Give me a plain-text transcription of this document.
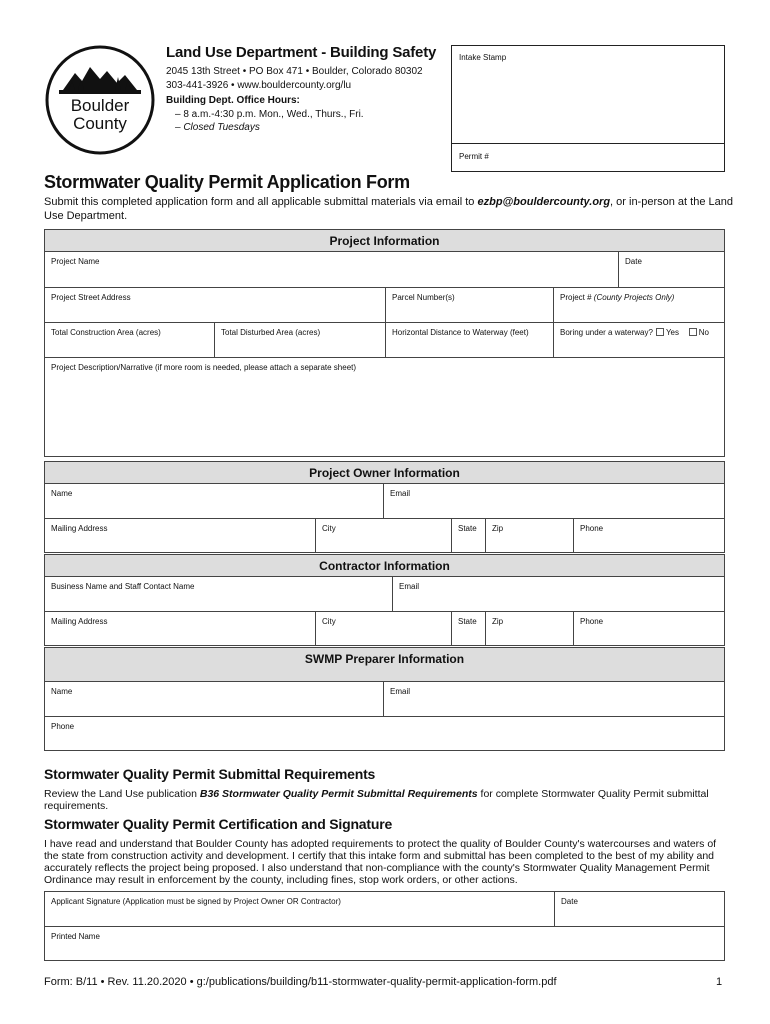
Boulder
County
Land Use Department - Building Safety
2045 13th Street • PO Box 471 • Boulder, Colorado 80302
303-441-3926 • www.bouldercounty.org/lu
Building Dept. Office Hours:
– 8 a.m.-4:30 p.m. Mon., Wed., Thurs., Fri.
– Closed Tuesdays
Intake Stamp
Permit #
Stormwater Quality Permit Application Form
Submit this completed application form and all applicable submittal materials via email to ezbp@bouldercounty.org, or in-person at the Land Use Department.
Project Information
Project Name	Date
Project Street Address	Parcel Number(s)	Project # (County Projects Only)
Total Construction Area (acres)	Total Disturbed Area (acres)	Horizontal Distance to Waterway (feet)	Boring under a waterway? Yes No
Project Description/Narrative (if more room is needed, please attach a separate sheet)
Project Owner Information
Name	Email
Mailing Address	City	State	Zip	Phone
Contractor Information
Business Name and Staff Contact Name	Email
Mailing Address	City	State	Zip	Phone
SWMP Preparer Information
Name	Email
Phone
Stormwater Quality Permit Submittal Requirements
Review the Land Use publication B36 Stormwater Quality Permit Submittal Requirements for complete Stormwater Quality Permit submittal requirements.
Stormwater Quality Permit Certification and Signature
I have read and understand that Boulder County has adopted requirements to protect the quality of Boulder County's watercourses and waters of the state from construction activity and development. I certify that this intake form and submittal has been completed to the best of my ability and accurately reflects the project being proposed. I also understand that non-compliance with the county's Stormwater Quality Management Permit Ordinance may result in enforcement by the county, including fines, stop work orders, or other actions.
Applicant Signature (Application must be signed by Project Owner OR Contractor)	Date
Printed Name
Form: B/11 • Rev. 11.20.2020 • g:/publications/building/b11-stormwater-quality-permit-application-form.pdf	1
